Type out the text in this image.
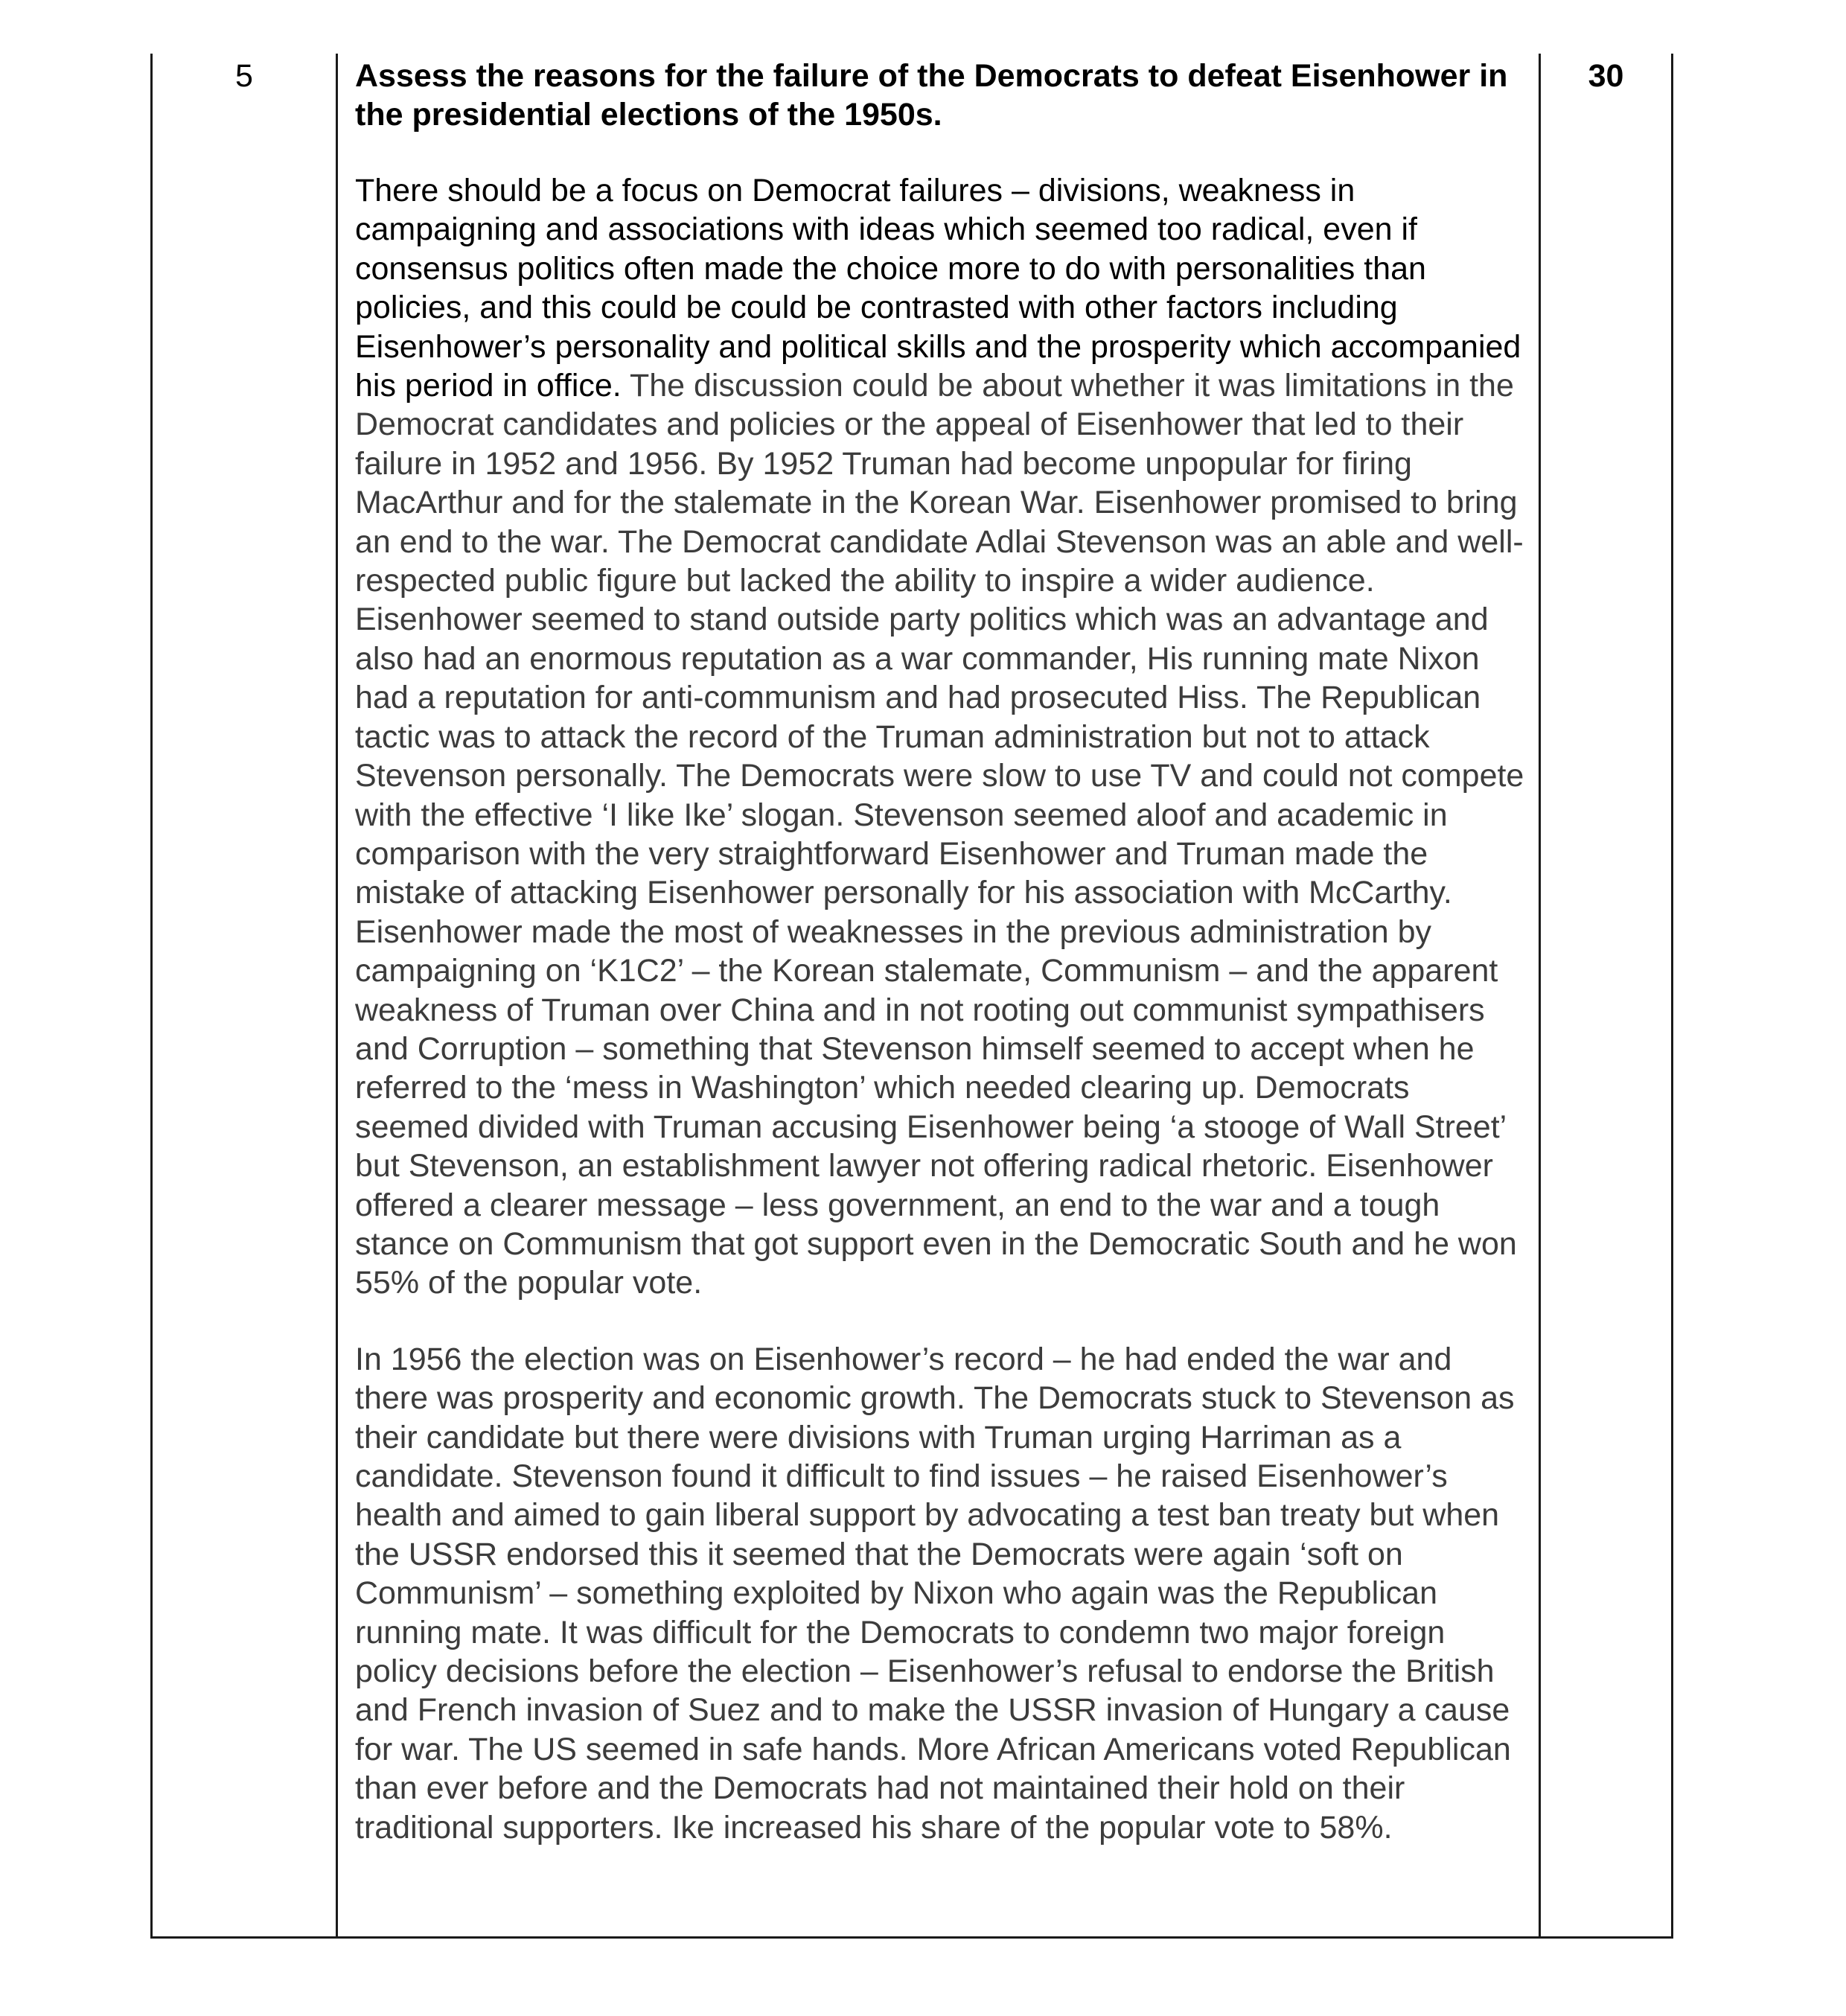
5	Assess the reasons for the failure of the Democrats to defeat Eisenhower in the presidential elections of the 1950s.

There should be a focus on Democrat failures – divisions, weakness in campaigning and associations with ideas which seemed too radical, even if consensus politics often made the choice more to do with personalities than policies, and this could be could be contrasted with other factors including Eisenhower’s personality and political skills and the prosperity which accompanied his period in office. The discussion could be about whether it was limitations in the Democrat candidates and policies or the appeal of Eisenhower that led to their failure in 1952 and 1956. By 1952 Truman had become unpopular for firing MacArthur and for the stalemate in the Korean War. Eisenhower promised to bring an end to the war. The Democrat candidate Adlai Stevenson was an able and well-respected public figure but lacked the ability to inspire a wider audience. Eisenhower seemed to stand outside party politics which was an advantage and also had an enormous reputation as a war commander, His running mate Nixon had a reputation for anti-communism and had prosecuted Hiss. The Republican tactic was to attack the record of the Truman administration but not to attack Stevenson personally. The Democrats were slow to use TV and could not compete with the effective ‘I like Ike’ slogan. Stevenson seemed aloof and academic in comparison with the very straightforward Eisenhower and Truman made the mistake of attacking Eisenhower personally for his association with McCarthy. Eisenhower made the most of weaknesses in the previous administration by campaigning on ‘K1C2’ – the Korean stalemate, Communism – and the apparent weakness of Truman over China and in not rooting out communist sympathisers and Corruption – something that Stevenson himself seemed to accept when he referred to the ‘mess in Washington’ which needed clearing up. Democrats seemed divided with Truman accusing Eisenhower being ‘a stooge of Wall Street’ but Stevenson, an establishment lawyer not offering radical rhetoric. Eisenhower offered a clearer message – less government, an end to the war and a tough stance on Communism that got support even in the Democratic South and he won 55% of the popular vote.

In 1956 the election was on Eisenhower’s record – he had ended the war and there was prosperity and economic growth. The Democrats stuck to Stevenson as their candidate but there were divisions with Truman urging Harriman as a candidate. Stevenson found it difficult to find issues – he raised Eisenhower’s health and aimed to gain liberal support by advocating a test ban treaty but when the USSR endorsed this it seemed that the Democrats were again ‘soft on Communism’ – something exploited by Nixon who again was the Republican running mate. It was difficult for the Democrats to condemn two major foreign policy decisions before the election – Eisenhower’s refusal to endorse the British and French invasion of Suez and to make the USSR invasion of Hungary a cause for war. The US seemed in safe hands. More African Americans voted Republican than ever before and the Democrats had not maintained their hold on their traditional supporters. Ike increased his share of the popular vote to 58%.

30
